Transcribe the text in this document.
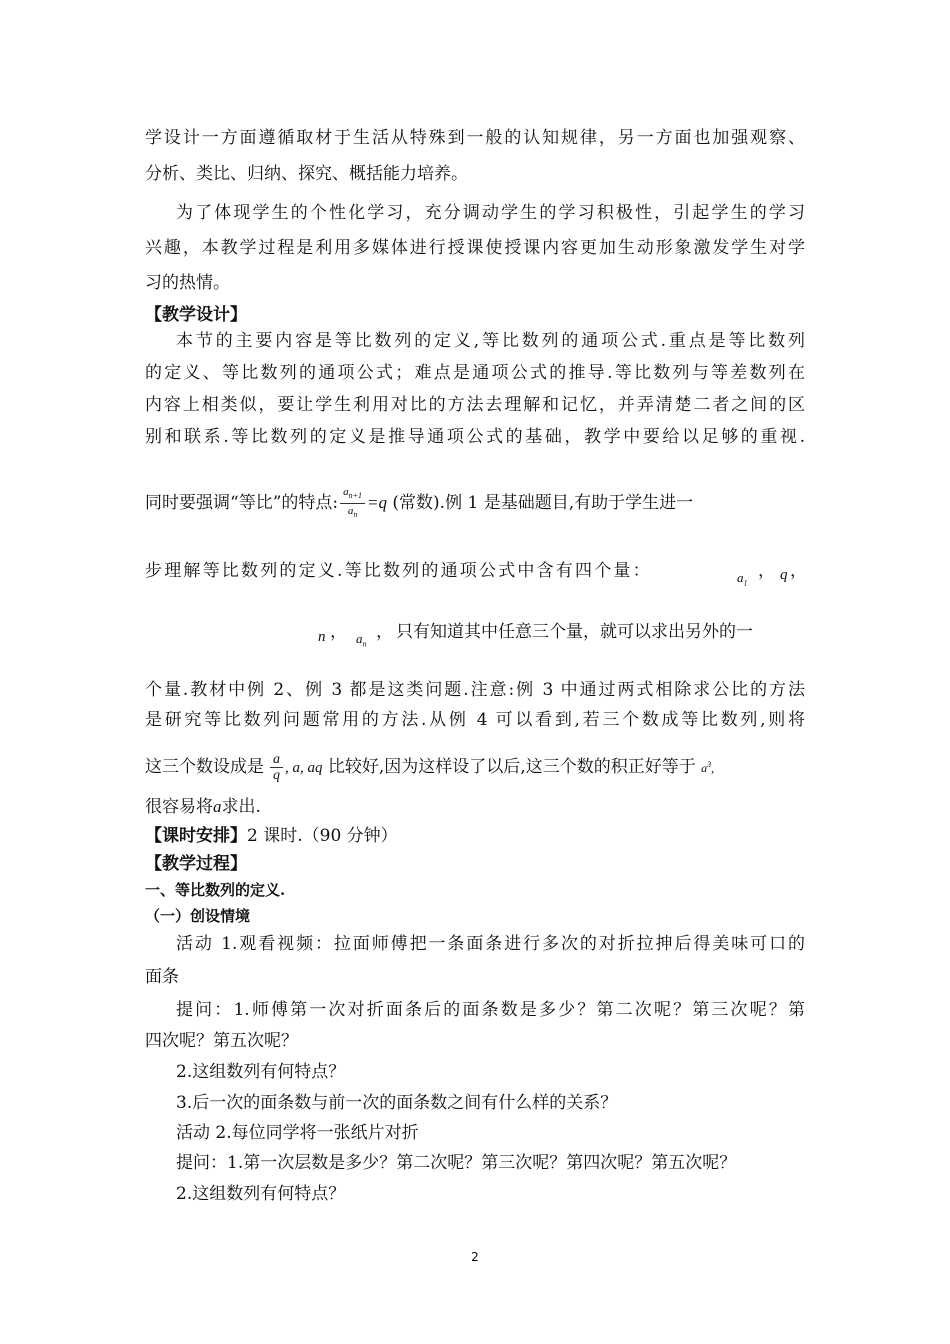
学设计一方面遵循取材于生活从特殊到一般的认知规律，另一方面也加强观察、
分析、类比、归纳、探究、概括能力培养。
为了体现学生的个性化学习，充分调动学生的学习积极性，引起学生的学习
兴趣，本教学过程是利用多媒体进行授课使授课内容更加生动形象激发学生对学
习的热情。
【教学设计】
本节的主要内容是等比数列的定义,等比数列的通项公式.重点是等比数列
的定义、等比数列的通项公式；难点是通项公式的推导.等比数列与等差数列在
内容上相类似，要让学生利用对比的方法去理解和记忆，并弄清楚二者之间的区
别和联系.等比数列的定义是推导通项公式的基础，教学中要给以足够的重视.
同时要强调“等比”的特点: $\frac{a_{n+1}}{a_n} =q$ (常数).例 1 是基础题目,有助于学生进一
步理解等比数列的定义.等比数列的通项公式中含有四个量：	$a_1$
， q ，
n ， $a_n$
， 只有知道其中任意三个量，就可以求出另外的一
个量.教材中例 2、例 3 都是这类问题.注意:例 3 中通过两式相除求公比的方法
是研究等比数列问题常用的方法.从例 4 可以看到,若三个数成等比数列,则将
这三个数设成是 $\frac{a}{q}$ , a, aq 比较好,因为这样设了以后,这三个数的积正好等于 $a^3$,
很容易将a求出.
【课时安排】2 课时.（90 分钟）
【教学过程】
一、等比数列的定义.
（一）创设情境
活动 1.观看视频：拉面师傅把一条面条进行多次的对折拉抻后得美味可口的
面条
提问：1.师傅第一次对折面条后的面条数是多少？第二次呢？第三次呢？第
四次呢？第五次呢？
2.这组数列有何特点？
3.后一次的面条数与前一次的面条数之间有什么样的关系？
活动 2.每位同学将一张纸片对折
提问：1.第一次层数是多少？第二次呢？第三次呢？第四次呢？第五次呢？
2.这组数列有何特点？
2
